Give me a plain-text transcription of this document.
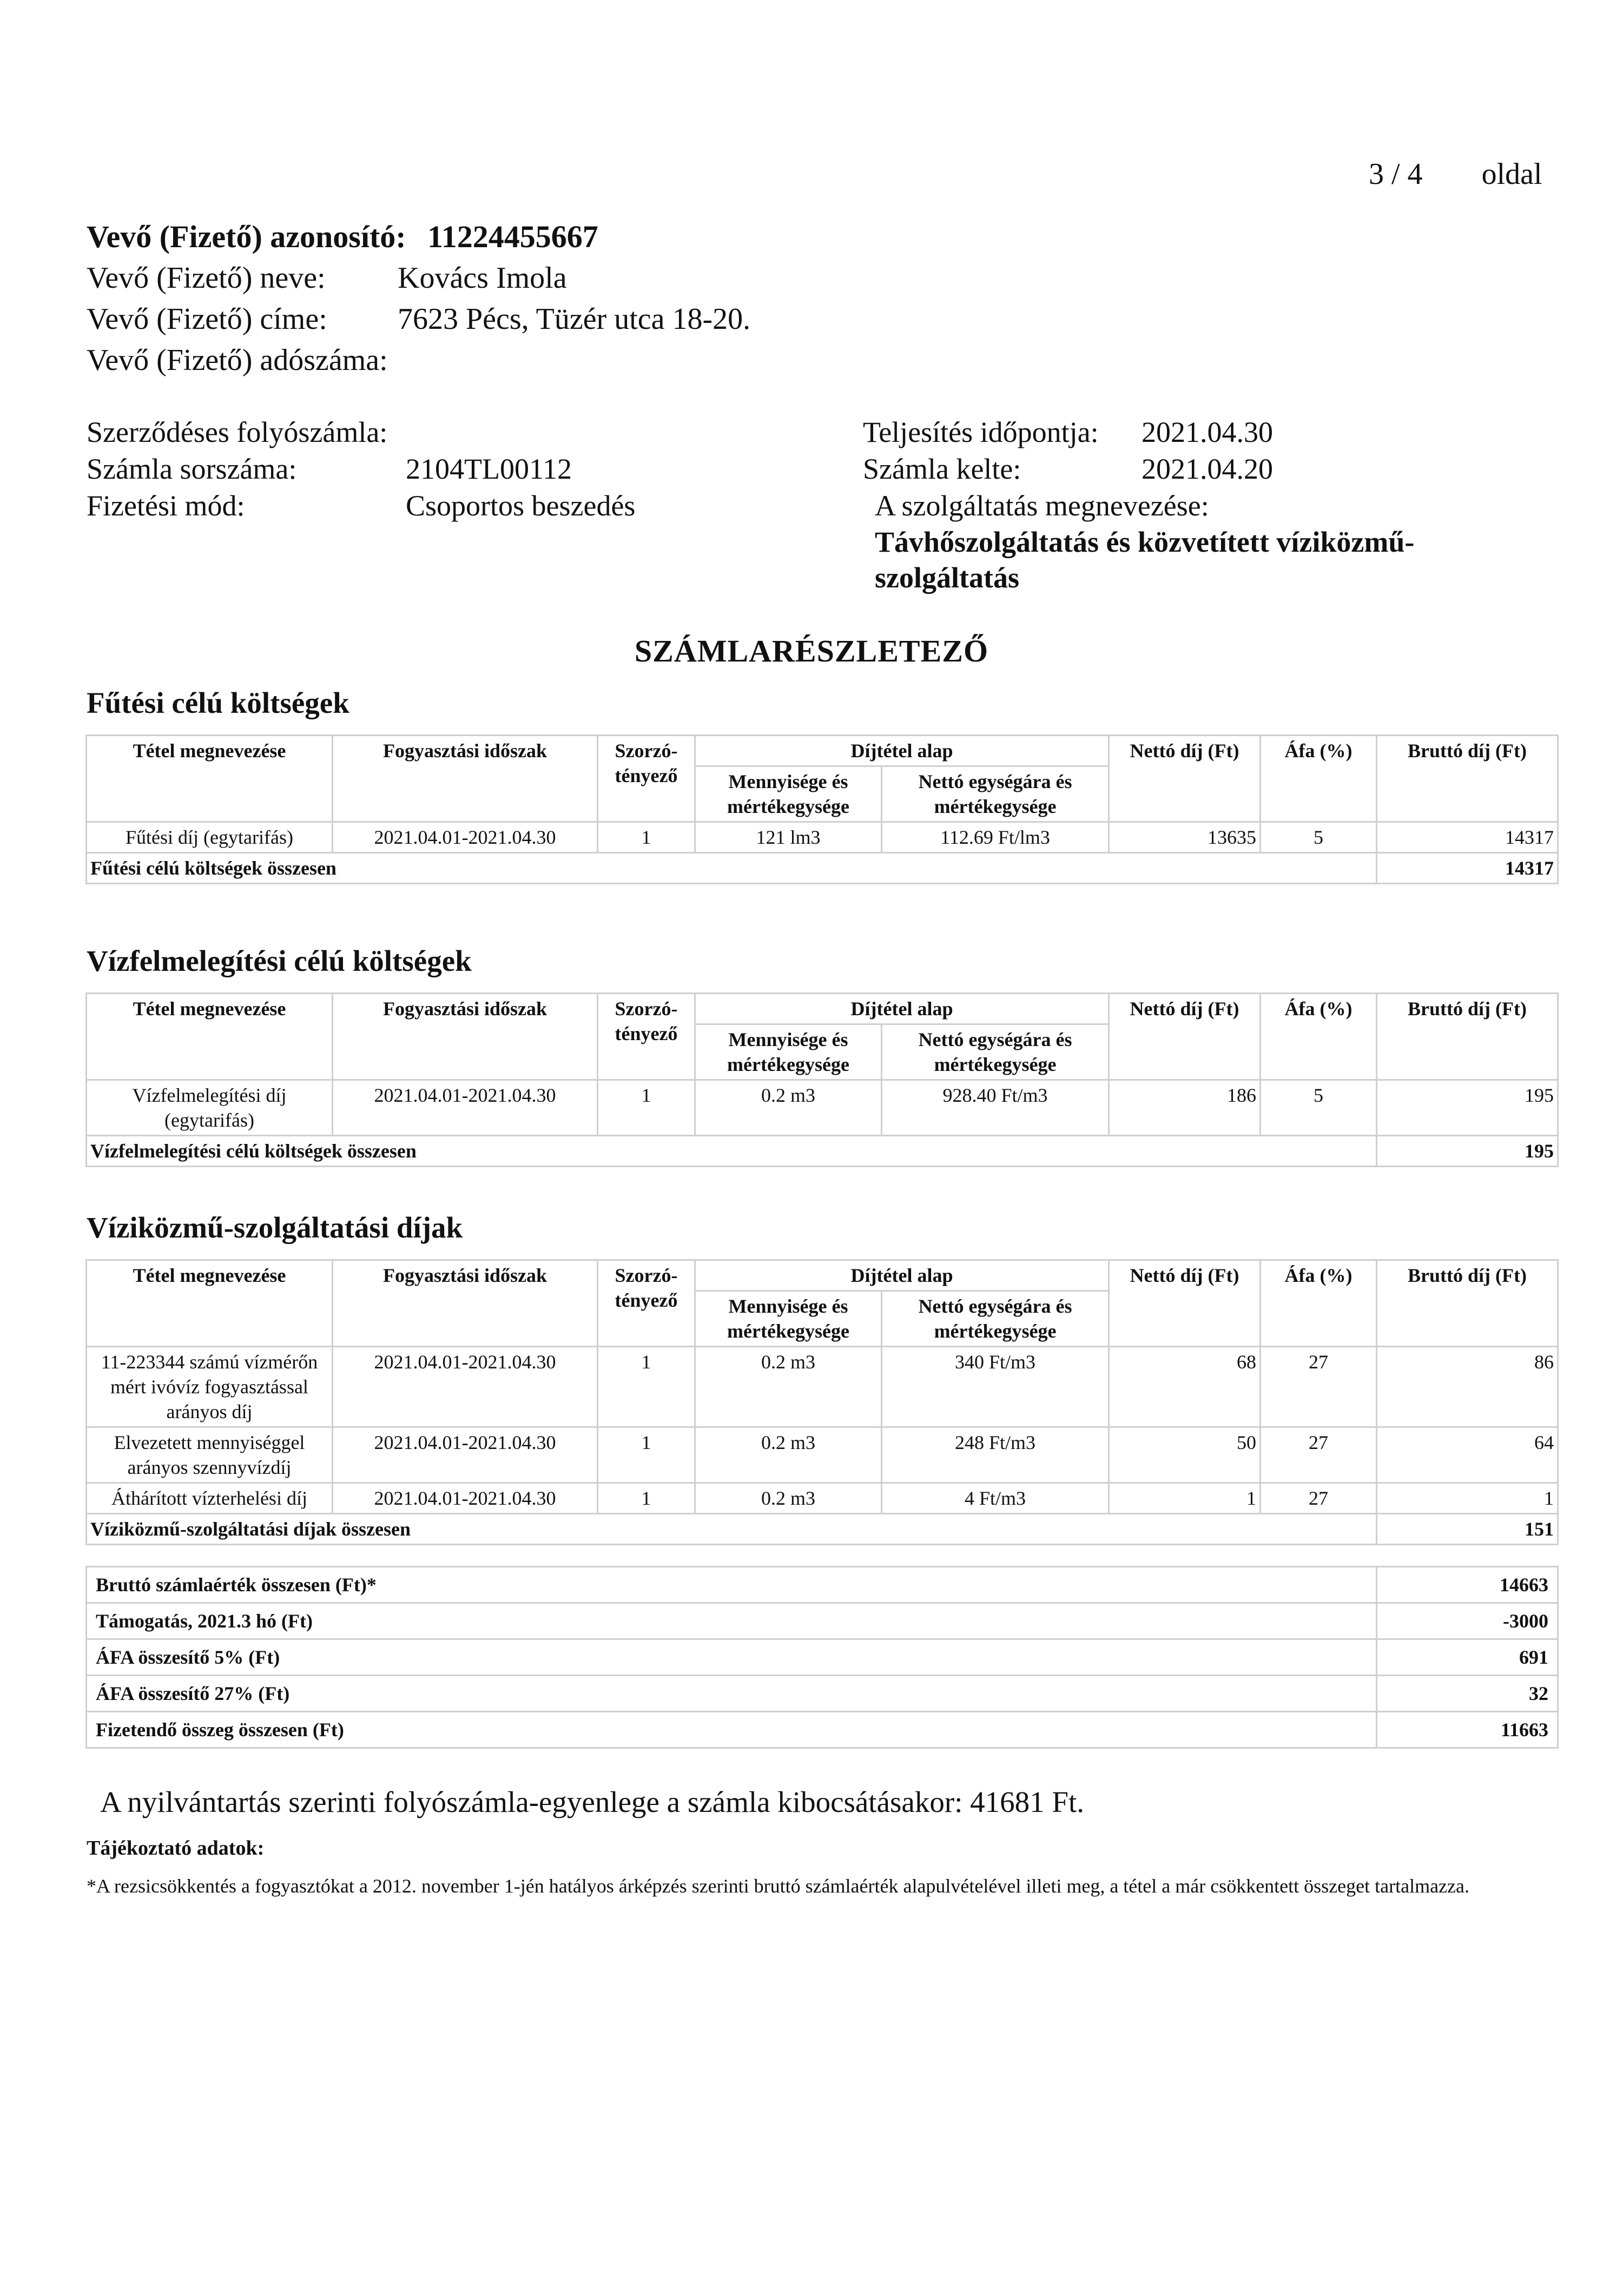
3 / 4 oldal
Vevő (Fizető) azonosító: 11224455667
Vevő (Fizető) neve:	Kovács Imola
Vevő (Fizető) címe:	7623 Pécs, Tüzér utca 18-20.
Vevő (Fizető) adószáma:
Szerződéses folyószámla:
Számla sorszáma:	2104TL00112
Fizetési mód:	Csoportos beszedés
Teljesítés időpontja:	2021.04.30
Számla kelte:	2021.04.20
A szolgáltatás megnevezése:
Távhőszolgáltatás és közvetített víziközmű-szolgáltatás
SZÁMLARÉSZLETEZŐ
Fűtési célú költségek
Tétel megnevezése	Fogyasztási időszak	Szorzó-tényező	Díjtétel alap		Nettó díj (Ft)	Áfa (%)	Bruttó díj (Ft)
			Mennyisége és mértékegysége	Nettó egységára és mértékegysége			
Fűtési díj (egytarifás)	2021.04.01-2021.04.30	1	121 lm3	112.69 Ft/lm3	13635	5	14317
Fűtési célú költségek összesen							14317
Vízfelmelegítési célú költségek
Tétel megnevezése	Fogyasztási időszak	Szorzó-tényező	Díjtétel alap		Nettó díj (Ft)	Áfa (%)	Bruttó díj (Ft)
			Mennyisége és mértékegysége	Nettó egységára és mértékegysége			
Vízfelmelegítési díj (egytarifás)	2021.04.01-2021.04.30	1	0.2 m3	928.40 Ft/m3	186	5	195
Vízfelmelegítési célú költségek összesen							195
Víziközmű-szolgáltatási díjak
Tétel megnevezése	Fogyasztási időszak	Szorzó-tényező	Díjtétel alap		Nettó díj (Ft)	Áfa (%)	Bruttó díj (Ft)
			Mennyisége és mértékegysége	Nettó egységára és mértékegysége			
11-223344 számú vízmérőn mért ivóvíz fogyasztással arányos díj	2021.04.01-2021.04.30	1	0.2 m3	340 Ft/m3	68	27	86
Elvezetett mennyiséggel arányos szennyvízdíj	2021.04.01-2021.04.30	1	0.2 m3	248 Ft/m3	50	27	64
Áthárított vízterhelési díj	2021.04.01-2021.04.30	1	0.2 m3	4 Ft/m3	1	27	1
Víziközmű-szolgáltatási díjak összesen							151
Bruttó számlaérték összesen (Ft)*	14663
Támogatás, 2021.3 hó (Ft)	-3000
ÁFA összesítő 5% (Ft)	691
ÁFA összesítő 27% (Ft)	32
Fizetendő összeg összesen (Ft)	11663
A nyilvántartás szerinti folyószámla-egyenlege a számla kibocsátásakor: 41681 Ft.
Tájékoztató adatok:
*A rezsicsökkentés a fogyasztókat a 2012. november 1-jén hatályos árképzés szerinti bruttó számlaérték alapulvételével illeti meg, a tétel a már csökkentett összeget tartalmazza.
